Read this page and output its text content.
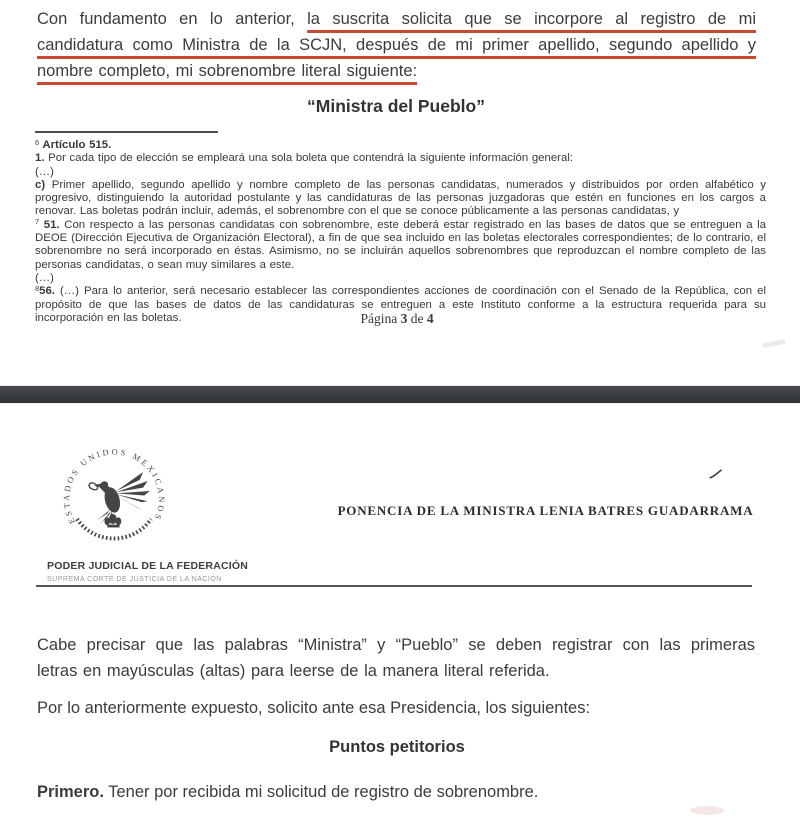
Con fundamento en lo anterior, la suscrita solicita que se incorpore al registro de mi
candidatura como Ministra de la SCJN, después de mi primer apellido, segundo apellido y
nombre completo, mi sobrenombre literal siguiente:
“Ministra del Pueblo”
$^6$ Artículo 515.
1. Por cada tipo de elección se empleará una sola boleta que contendrá la siguiente información general:
(…)
c) Primer apellido, segundo apellido y nombre completo de las personas candidatas, numerados y distribuidos por orden alfabético y progresivo, distinguiendo la autoridad postulante y las candidaturas de las personas juzgadoras que estén en funciones en los cargos a renovar. Las boletas podrán incluir, además, el sobrenombre con el que se conoce públicamente a las personas candidatas, y
$^7$ 51. Con respecto a las personas candidatas con sobrenombre, este deberá estar registrado en las bases de datos que se entreguen a la DEOE (Dirección Ejecutiva de Organización Electoral), a fin de que sea incluido en las boletas electorales correspondientes; de lo contrario, el sobrenombre no será incorporado en éstas. Asimismo, no se incluirán aquellos sobrenombres que reproduzcan el nombre completo de las personas candidatas, o sean muy similares a este.
(…)
$^8$56. (…) Para lo anterior, será necesario establecer las correspondientes acciones de coordinación con el Senado de la República, con el propósito de que las bases de datos de las candidaturas se entreguen a este Instituto conforme a la estructura requerida para su incorporación en las boletas.	Página 3 de 4
ESTADOS UNIDOS MEXICANOS
PODER JUDICIAL DE LA FEDERACIÓN
SUPREMA CORTE DE JUSTICIA DE LA NACIÓN
PONENCIA DE LA MINISTRA LENIA BATRES GUADARRAMA
Cabe precisar que las palabras “Ministra” y “Pueblo” se deben registrar con las primeras
letras en mayúsculas (altas) para leerse de la manera literal referida.
Por lo anteriormente expuesto, solicito ante esa Presidencia, los siguientes:
Puntos petitorios
Primero. Tener por recibida mi solicitud de registro de sobrenombre.
